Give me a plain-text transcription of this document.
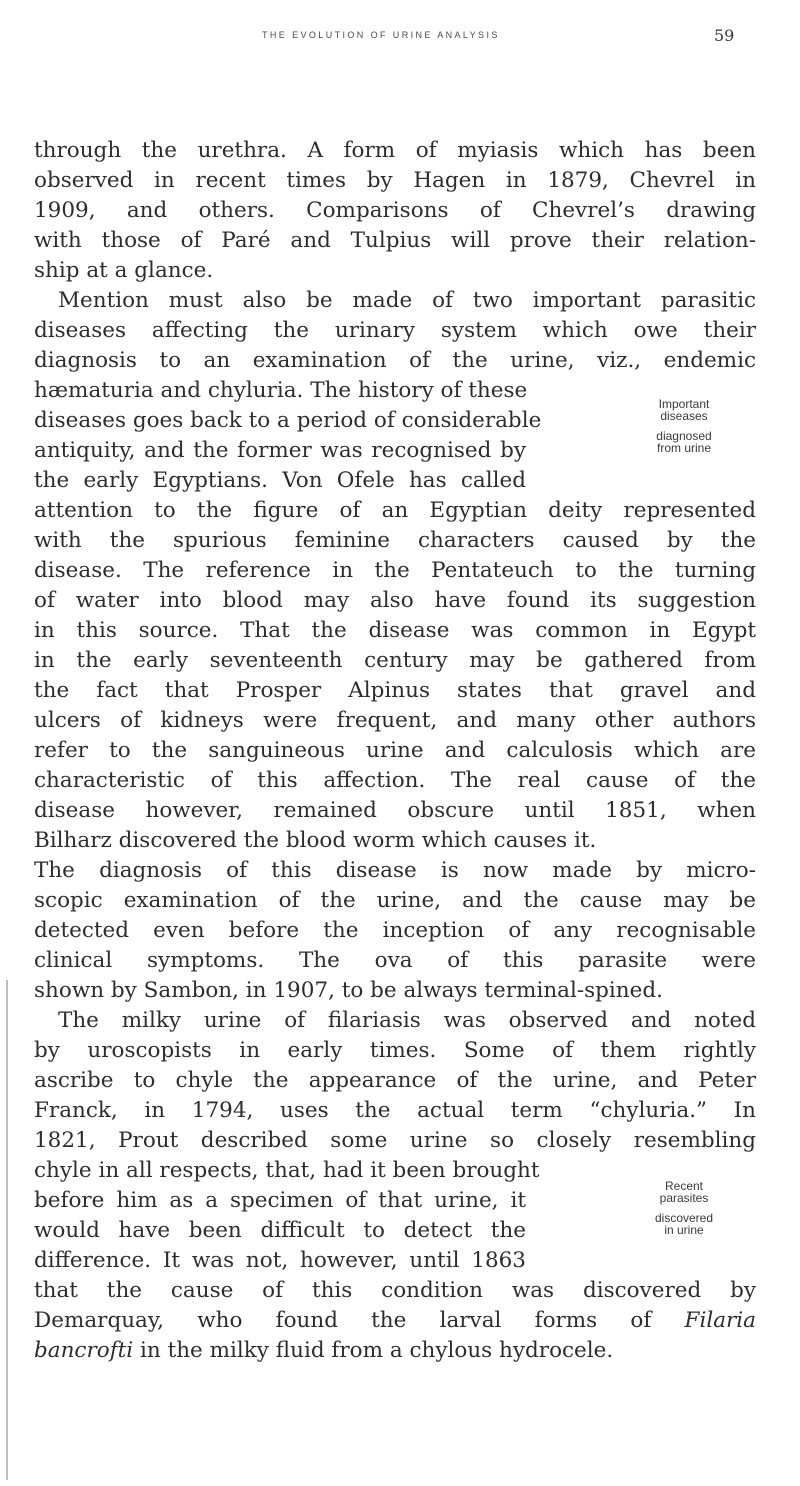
THE EVOLUTION OF URINE ANALYSIS	59
through the urethra. A form of myiasis which has been
observed in recent times by Hagen in 1879, Chevrel in
1909, and others. Comparisons of Chevrel’s drawing
with those of Paré and Tulpius will prove their relation-
ship at a glance.
Mention must also be made of two important parasitic
diseases affecting the urinary system which owe their
diagnosis to an examination of the urine, viz., endemic
hæmaturia and chyluria. The history of these
diseases goes back to a period of considerable
antiquity, and the former was recognised by
the early Egyptians. Von Ofele has called
Important
diseases
diagnosed
from urine
attention to the figure of an Egyptian deity represented
with the spurious feminine characters caused by the
disease. The reference in the Pentateuch to the turning
of water into blood may also have found its suggestion
in this source. That the disease was common in Egypt
in the early seventeenth century may be gathered from
the fact that Prosper Alpinus states that gravel and
ulcers of kidneys were frequent, and many other authors
refer to the sanguineous urine and calculosis which are
characteristic of this affection. The real cause of the
disease however, remained obscure until 1851, when
Bilharz discovered the blood worm which causes it.
The diagnosis of this disease is now made by micro-
scopic examination of the urine, and the cause may be
detected even before the inception of any recognisable
clinical symptoms. The ova of this parasite were
shown by Sambon, in 1907, to be always terminal-spined.
The milky urine of filariasis was observed and noted
by uroscopists in early times. Some of them rightly
ascribe to chyle the appearance of the urine, and Peter
Franck, in 1794, uses the actual term “chyluria.” In
1821, Prout described some urine so closely resembling
chyle in all respects, that, had it been brought
before him as a specimen of that urine, it
would have been difficult to detect the
difference. It was not, however, until 1863
Recent
parasites
discovered
in urine
that the cause of this condition was discovered by
Demarquay, who found the larval forms of Filaria
bancrofti in the milky fluid from a chylous hydrocele.
